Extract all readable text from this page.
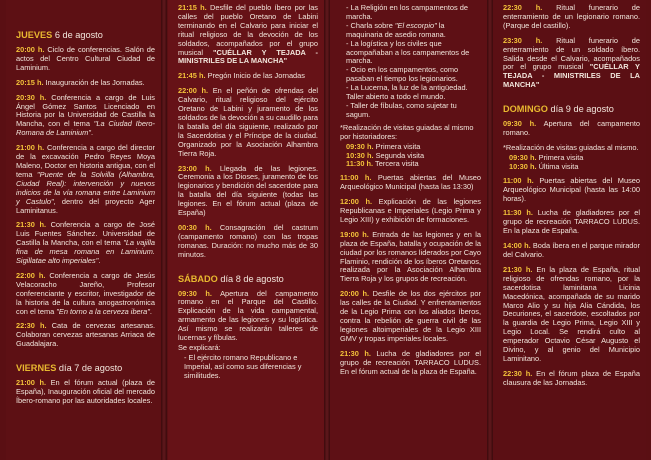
JUEVES 6 de agosto

20:00 h. Ciclo de conferencias. Salón de actos del Centro Cultural Ciudad de Laminium.

20:15 h. Inauguración de las Jornadas.

20:30 h. Conferencia a cargo de Luis Ángel Gómez Santos Licenciado en Historia por la Universidad de Castilla la Mancha, con el tema "La Ciudad Ibero-Romana de Laminium".

21:00 h. Conferencia a cargo del director de la excavación Pedro Reyes Moya Maleno, Doctor en historia antigua, con el tema "Puente de la Solvilla (Alhambra, Ciudad Real): intervención y nuevos indicios de la vía romana entre Laminium y Castulo", dentro del proyecto Ager Laminitanus.

21:30 h. Conferencia a cargo de José Luis Fuentes Sánchez. Universidad de Castilla la Mancha, con el tema "La vajilla fina de mesa romana en Laminium. Sigillatae alto imperiales".

22:00 h. Conferencia a cargo de Jesús Velacoracho Jareño, Profesor conferenciante y escritor, investigador de la historia de la cultura anogastronómica con el tema "En torno a la cerveza ibera".

22:30 h. Cata de cervezas artesanas. Colaboran cervezas artesanas Arriaca de Guadalajara.

VIERNES día 7 de agosto

21:00 h. En el fórum actual (plaza de España), Inauguración oficial del mercado Íbero-romano por las autoridades locales.

21:15 h. Desfile del pueblo íbero por las calles del pueblo Oretano de Labini terminando en el Calvario para iniciar el ritual religioso de la devoción de los soldados, acompañados por el grupo musical "CUÉLLAR Y TEJADA - MINISTRILES DE LA MANCHA"

21:45 h. Pregón Inicio de las Jornadas

22:00 h. En el peñón de ofrendas del Calvario, ritual religioso del ejército Oretano de Labini y juramento de los soldados de la devoción a su caudillo para la batalla del día siguiente, realizado por la Sacerdotisa y el Príncipe de la ciudad. Organizado por la Asociación Alhambra Tierra Roja.

23:00 h. Llegada de las legiones. Ceremonia a los Dioses, juramento de los legionarios y bendición del sacerdote para la batalla del día siguiente (todas las legiones. En el fórum actual (plaza de España)

00:30 h. Consagración del castrum (campamento romano) con las tropas romanas. Duración: no mucho más de 30 minutos.

SÁBADO día 8 de agosto

09:30 h. Apertura del campamento romano en el Parque del Castillo. Explicación de la vida campamental, armamento de las legiones y su logística. Así mismo se realizarán talleres de lucernas y fíbulas.

Se explicará:

- El ejército romano Republicano e Imperial, así como sus diferencias y similitudes.

- La Religión en los campamentos de marcha.

- Charla sobre "El escorpio" la maquinaria de asedio romana.

- La logística y los civiles que acompañaban a los campamentos de marcha.

- Ocio en los campamentos, como pasaban el tiempo los legionarios.

- La Lucerna, la luz de la antigüedad. Taller abierto a todo el mundo.

- Taller de fíbulas, como sujetar tu sagum.

*Realización de visitas guiadas al mismo por historiadores:

09:30 h. Primera visita

10:30 h. Segunda visita

11:30 h. Tercera visita

11:00 h. Puertas abiertas del Museo Arqueológico Municipal (hasta las 13:30)

12:00 h. Explicación de las legiones Republicanas e Imperiales (Legio Prima y Legio XIII) y exhibición de formaciones.

19:00 h. Entrada de las legiones y en la plaza de España, batalla y ocupación de la ciudad por los romanos liderados por Cayo Flaminio, rendición de los íberos Oretanos, realizada por la Asociación Alhambra Tierra Roja y los grupos de recreación.

20:00 h. Desfile de los dos ejércitos por las calles de la Ciudad. Y enfrentamientos de la Legio Prima con los aliados íberos, contra la rebelión de guerra civil de las legiones altoimperiales de la Legio XIII GMV y tropas imperiales locales.

21:30 h. Lucha de gladiadores por el grupo de recreación TARRACO LUDUS. En el fórum actual de la plaza de España.

22:30 h. Ritual funerario de enterramiento de un legionario romano. (Parque del castillo).

23:30 h. Ritual funerario de enterramiento de un soldado íbero. Salida desde el Calvario, acompañados por el grupo musical "CUÉLLAR Y TEJADA - MINISTRILES DE LA MANCHA"

DOMINGO día 9 de agosto

09:30 h. Apertura del campamento romano.

*Realización de visitas guiadas al mismo.

09:30 h. Primera visita

10:30 h. Última visita

11:00 h. Puertas abiertas del Museo Arqueológico Municipal (hasta las 14:00 horas).

11:30 h. Lucha de gladiadores por el grupo de recreación TARRACO LUDUS. En la plaza de España.

14:00 h. Boda íbera en el parque mirador del Calvario.

21:30 h. En la plaza de España, ritual religioso de ofrendas romano, por la sacerdotisa laminitana Licinia Macedónica, acompañada de su marido Marco Alio y su hija Alia Cándida, los Decuriones, el sacerdote, escoltados por la guardia de Legio Prima, Legio XIII y Legio Local. Se rendirá culto al emperador Octavio César Augusto el Divino, y al genio del Municipio Laminitano.

22:30 h. En el fórum plaza de España clausura de las Jornadas.
